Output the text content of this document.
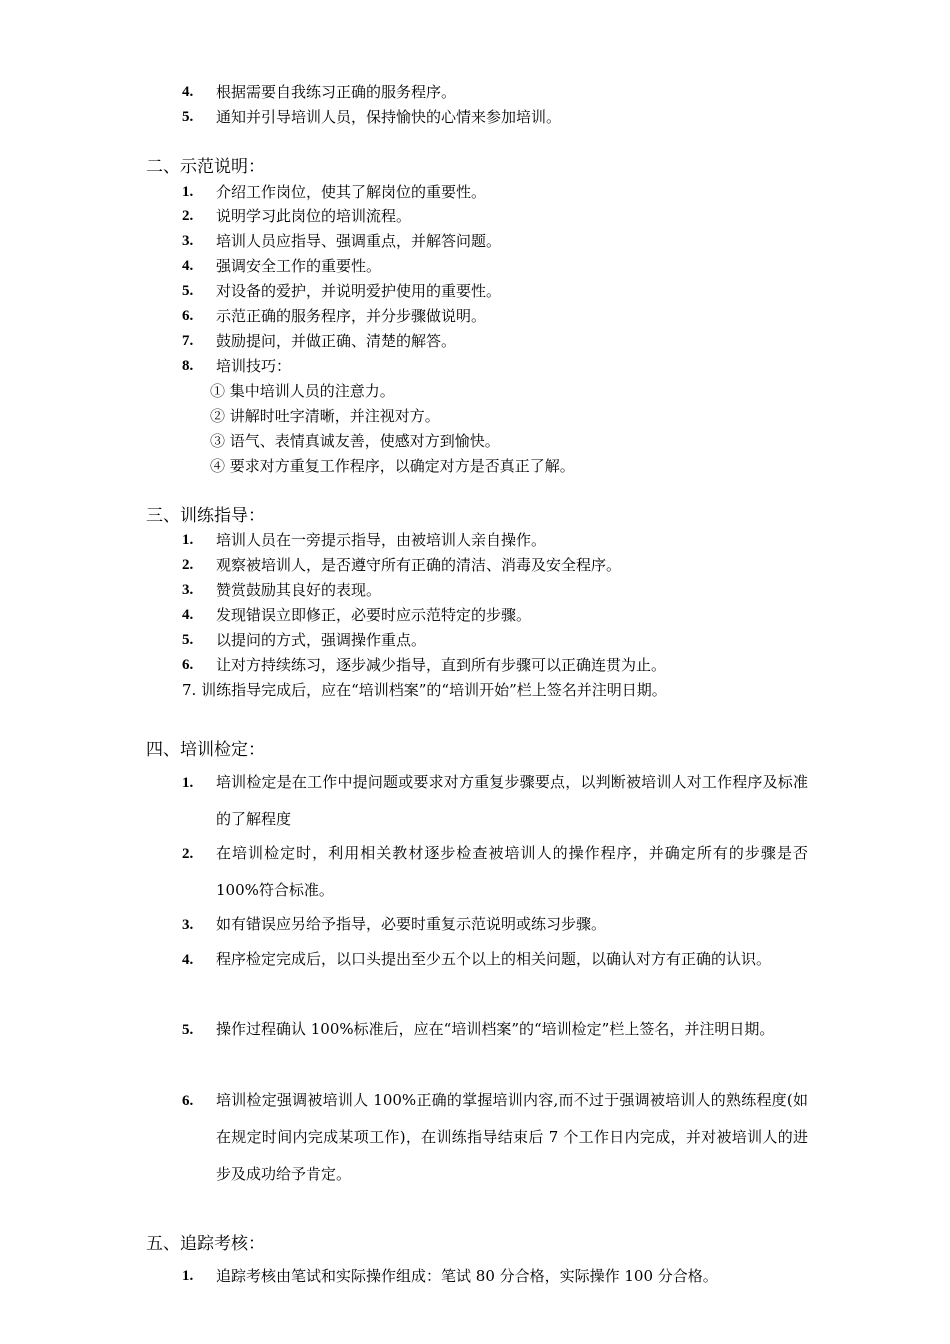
4. 根据需要自我练习正确的服务程序。
5. 通知并引导培训人员，保持愉快的心情来参加培训。
二、示范说明：
1. 介绍工作岗位，使其了解岗位的重要性。
2. 说明学习此岗位的培训流程。
3. 培训人员应指导、强调重点，并解答问题。
4. 强调安全工作的重要性。
5. 对设备的爱护，并说明爱护使用的重要性。
6. 示范正确的服务程序，并分步骤做说明。
7. 鼓励提问，并做正确、清楚的解答。
8. 培训技巧：
① 集中培训人员的注意力。
② 讲解时吐字清晰，并注视对方。
③ 语气、表情真诚友善，使感对方到愉快。
④ 要求对方重复工作程序，以确定对方是否真正了解。
三、训练指导：
1. 培训人员在一旁提示指导，由被培训人亲自操作。
2. 观察被培训人，是否遵守所有正确的清洁、消毒及安全程序。
3. 赞赏鼓励其良好的表现。
4. 发现错误立即修正，必要时应示范特定的步骤。
5. 以提问的方式，强调操作重点。
6. 让对方持续练习，逐步减少指导，直到所有步骤可以正确连贯为止。
7. 训练指导完成后，应在“培训档案”的“培训开始”栏上签名并注明日期。
四、培训检定：
1. 培训检定是在工作中提问题或要求对方重复步骤要点，以判断被培训人对工作程序及标准的了解程度
2. 在培训检定时，利用相关教材逐步检查被培训人的操作程序，并确定所有的步骤是否 100%符合标准。
3. 如有错误应另给予指导，必要时重复示范说明或练习步骤。
4. 程序检定完成后，以口头提出至少五个以上的相关问题，以确认对方有正确的认识。
5. 操作过程确认 100%标准后，应在“培训档案”的“培训检定”栏上签名，并注明日期。
6. 培训检定强调被培训人 100%正确的掌握培训内容,而不过于强调被培训人的熟练程度(如在规定时间内完成某项工作)，在训练指导结束后 7 个工作日内完成，并对被培训人的进步及成功给予肯定。
五、追踪考核：
1. 追踪考核由笔试和实际操作组成：笔试 80 分合格，实际操作 100 分合格。
